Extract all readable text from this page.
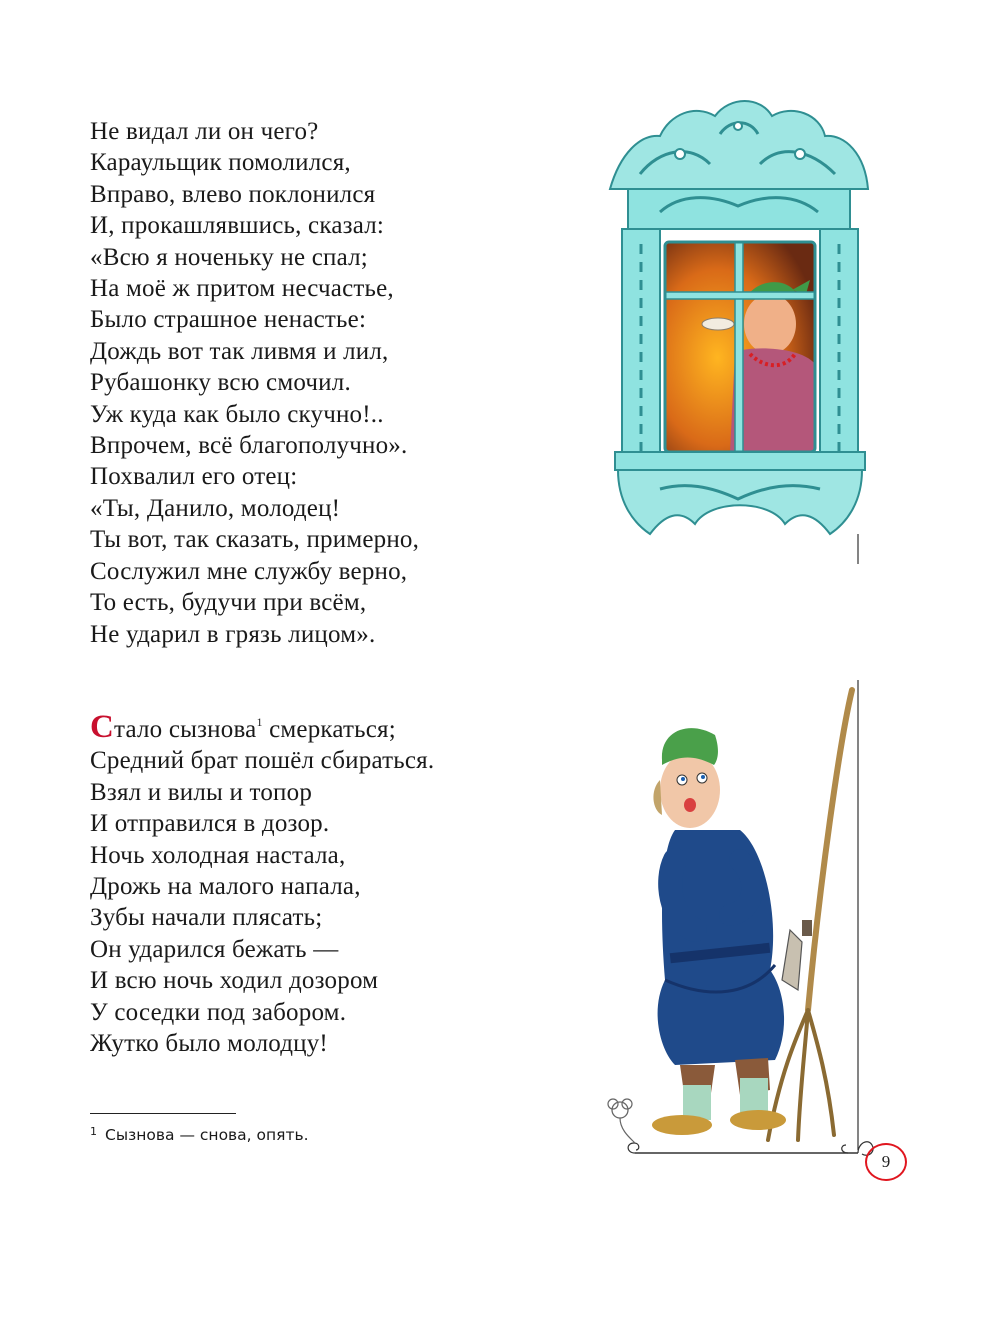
Не видал ли он чего?
Караульщик помолился,
Вправо, влево поклонился
И, прокашлявшись, сказал:
«Всю я ноченьку не спал;
На моё ж притом несчастье,
Было страшное ненастье:
Дождь вот так ливмя и лил,
Рубашонку всю смочил.
Уж куда как было скучно!..
Впрочем, всё благополучно».
Похвалил его отец:
«Ты, Данило, молодец!
Ты вот, так сказать, примерно,
Сослужил мне службу верно,
То есть, будучи при всём,
Не ударил в грязь лицом».
Стало сызнова$^1$ смеркаться;
Средний брат пошёл сбираться.
Взял и вилы и топор
И отправился в дозор.
Ночь холодная настала,
Дрожь на малого напала,
Зубы начали плясать;
Он ударился бежать —
И всю ночь ходил дозором
У соседки под забором.
Жутко было молодцу!
$^1$ Сызнова — снова, опять.
9
